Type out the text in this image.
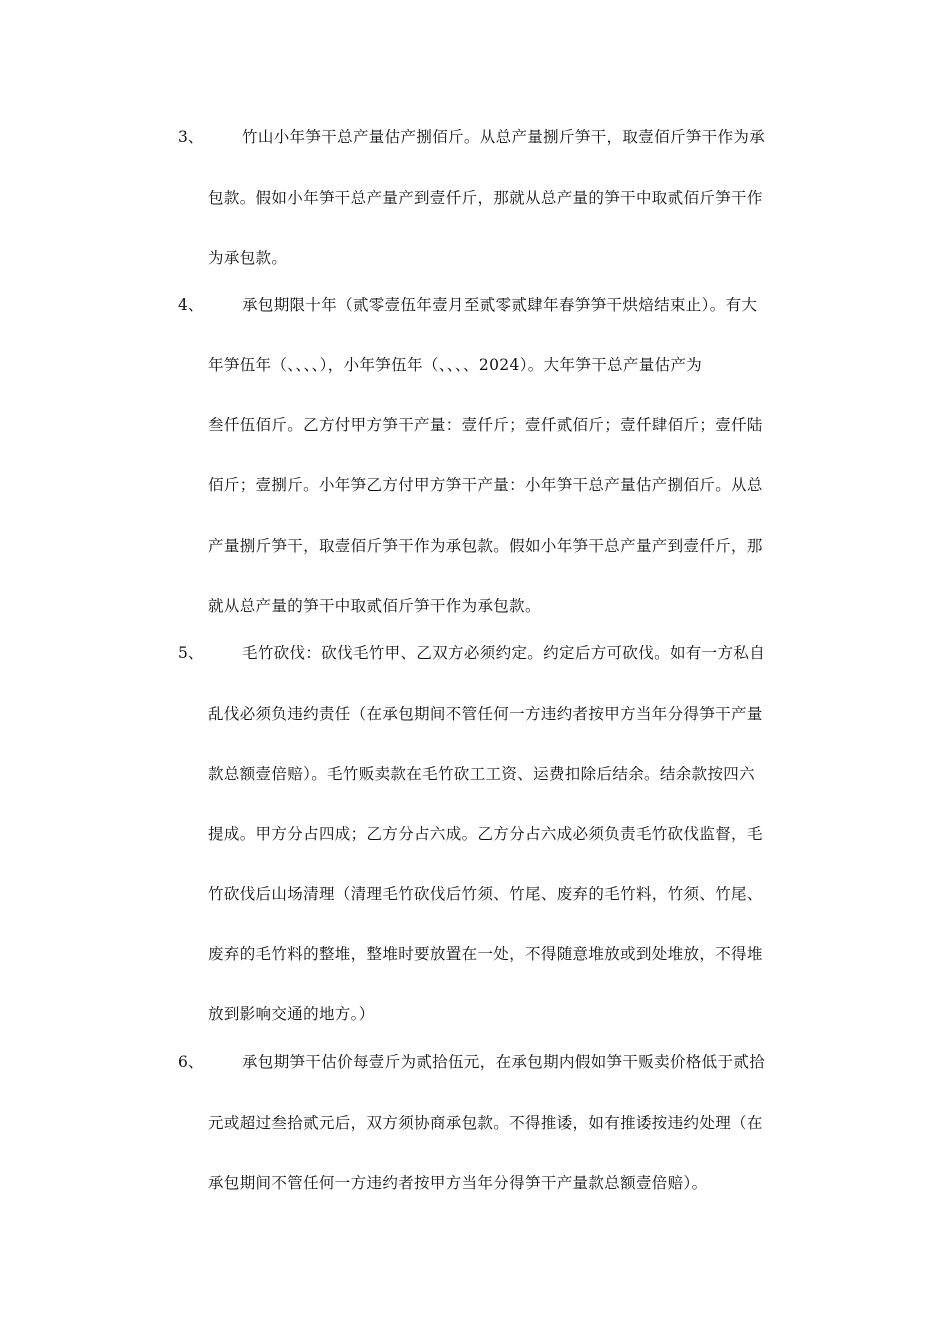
3、 竹山小年笋干总产量估产捌佰斤。从总产量捌斤笋干，取壹佰斤笋干作为承
包款。假如小年笋干总产量产到壹仟斤，那就从总产量的笋干中取贰佰斤笋干作
为承包款。
4、 承包期限十年（贰零壹伍年壹月至贰零贰肆年春笋笋干烘焙结束止）。有大
年笋伍年（、、、、），小年笋伍年（、、、、2024）。大年笋干总产量估产为
叁仟伍佰斤。乙方付甲方笋干产量：壹仟斤；壹仟贰佰斤；壹仟肆佰斤；壹仟陆
佰斤；壹捌斤。小年笋乙方付甲方笋干产量：小年笋干总产量估产捌佰斤。从总
产量捌斤笋干，取壹佰斤笋干作为承包款。假如小年笋干总产量产到壹仟斤，那
就从总产量的笋干中取贰佰斤笋干作为承包款。
5、 毛竹砍伐：砍伐毛竹甲、乙双方必须约定。约定后方可砍伐。如有一方私自
乱伐必须负违约责任（在承包期间不管任何一方违约者按甲方当年分得笋干产量
款总额壹倍赔）。毛竹贩卖款在毛竹砍工工资、运费扣除后结余。结余款按四六
提成。甲方分占四成；乙方分占六成。乙方分占六成必须负责毛竹砍伐监督，毛
竹砍伐后山场清理（清理毛竹砍伐后竹须、竹尾、废弃的毛竹料，竹须、竹尾、
废弃的毛竹料的整堆，整堆时要放置在一处，不得随意堆放或到处堆放，不得堆
放到影响交通的地方。）
6、 承包期笋干估价每壹斤为贰拾伍元，在承包期内假如笋干贩卖价格低于贰拾
元或超过叁拾贰元后，双方须协商承包款。不得推诿，如有推诿按违约处理（在
承包期间不管任何一方违约者按甲方当年分得笋干产量款总额壹倍赔）。
